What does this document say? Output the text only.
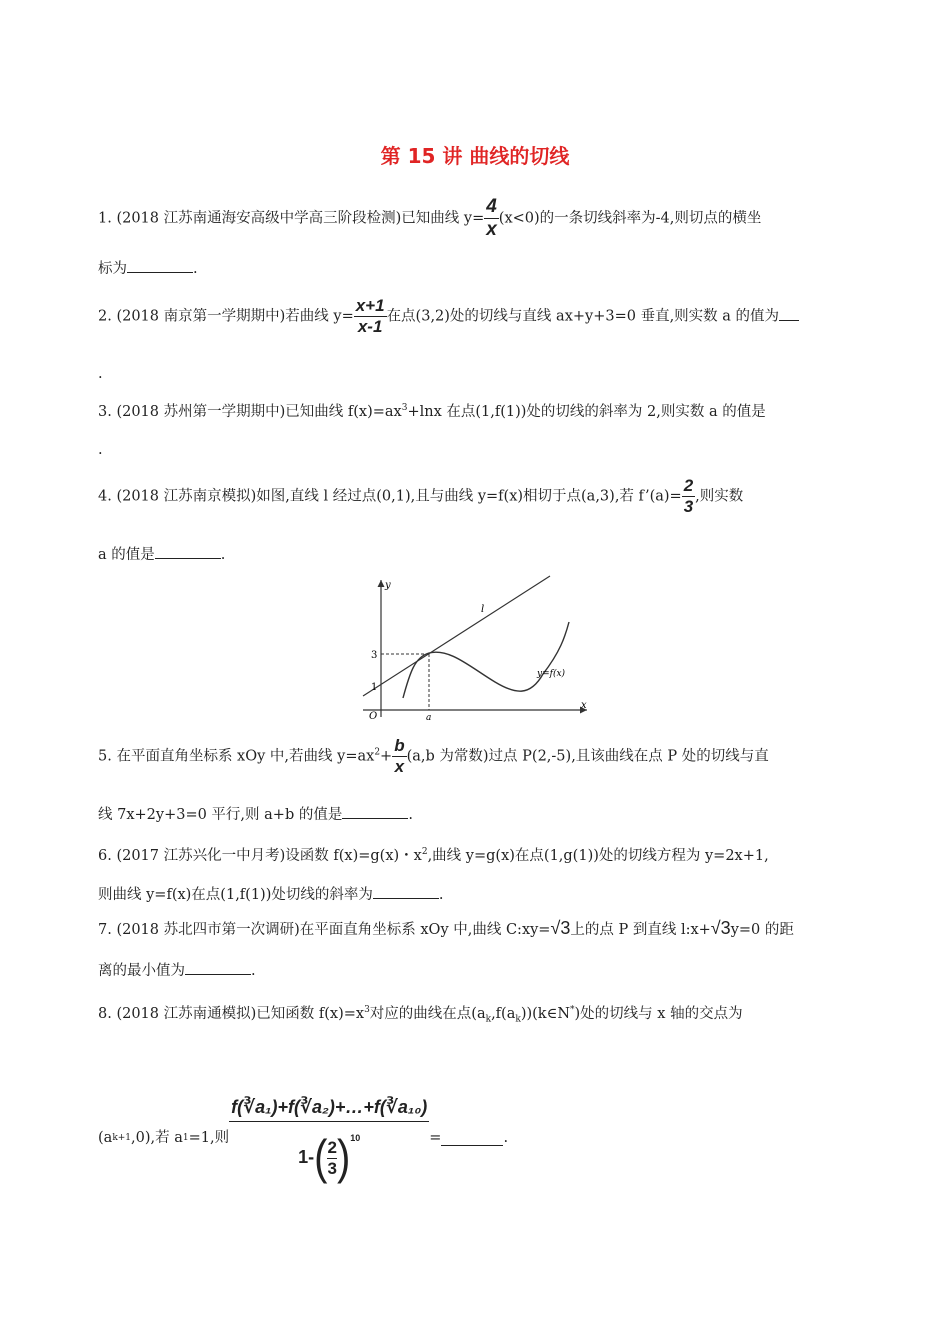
第 15 讲 曲线的切线
1. (2018 江苏南通海安高级中学高三阶段检测)已知曲线 $y= \frac{4}{x} (x<0)$的一条切线斜率为-4,则切点的横坐
标为	.
2. (2018 南京第一学期期中)若曲线 $y= \frac{x+1}{x-1}$ 在点(3,2)处的切线与直线 ax+y+3=0 垂直,则实数 a 的值为
.
3. (2018 苏州第一学期期中)已知曲线 $f(x)=ax^3+\ln x$ 在点(1,f(1))处的切线的斜率为 2,则实数 a 的值是
.
4. (2018 江苏南京模拟)如图,直线 l 经过点(0,1),且与曲线 y=f(x)相切于点(a,3),若 f’(a)= $\frac{2}{3}$ ,则实数
a 的值是	.
y
x
O
3
1
a
l
y=f(x)
5. 在平面直角坐标系 xOy 中,若曲线 $y=ax^2+ \frac{b}{x} (a,b$ 为常数)过点 P(2,-5),且该曲线在点 P 处的切线与直
线 7x+2y+3=0 平行,则 a+b 的值是	.
6. (2017 江苏兴化一中月考)设函数 f(x)=g(x)・$x^2$,曲线 y=g(x)在点(1,g(1))处的切线方程为 y=2x+1,
则曲线 y=f(x)在点(1,f(1))处切线的斜率为	.
7. (2018 苏北四市第一次调研)在平面直角坐标系 xOy 中,曲线 C:xy=√3上的点 P 到直线 l:x+√3y=0 的距
离的最小值为	.
8. (2018 江苏南通模拟)已知函数 $f(x)=x^3$对应的曲线在点$(a_k,f(a_k))(k\in N^*)$处的切线与 x 轴的交点为
(a k+1 ,0),若 a 1 =1,则 $\frac{\text{f(∛a₁)+f(∛a₂)+…+f(∛a₁₀)}}{1-( \frac{2}{3} )^{10}}$ =	.
